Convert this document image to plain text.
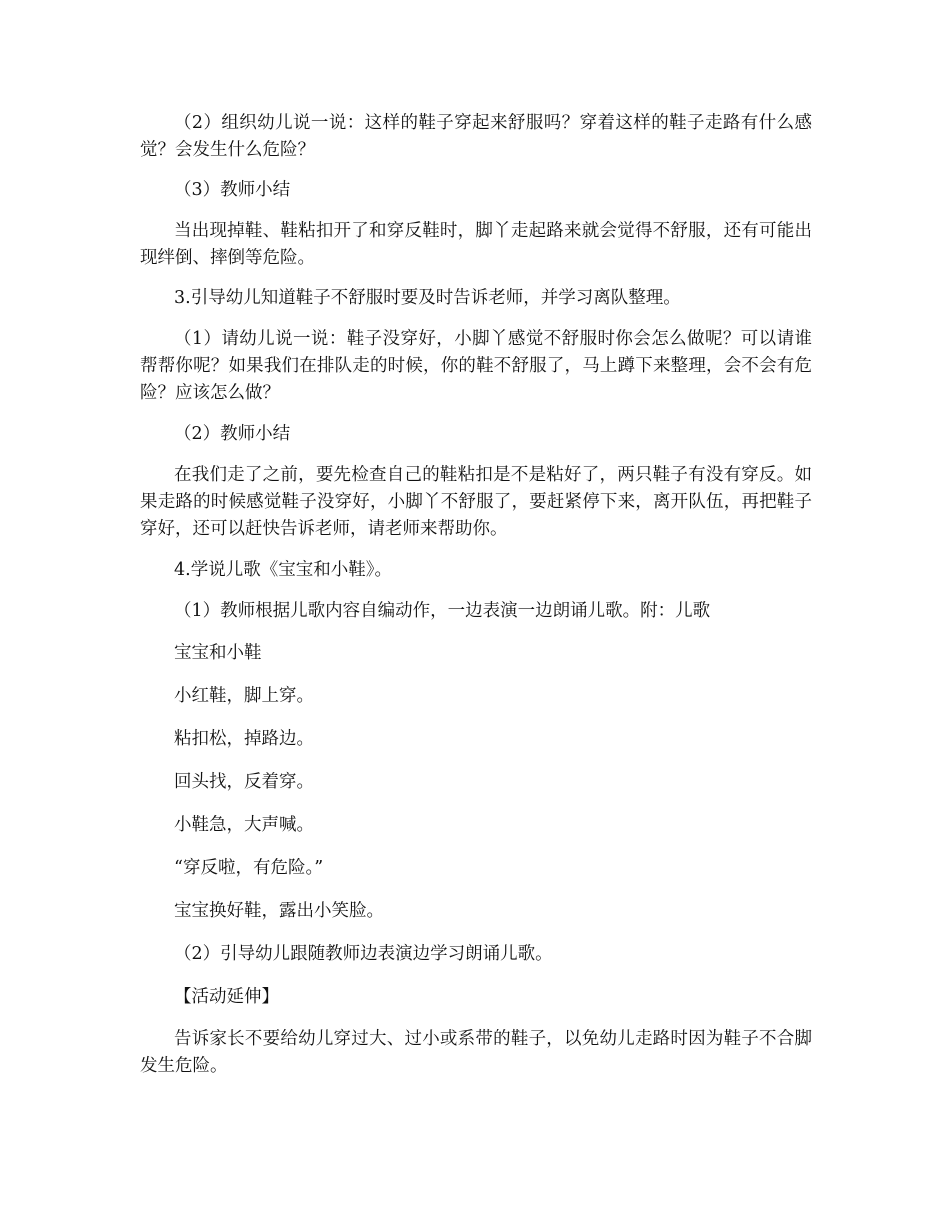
（2）组织幼儿说一说：这样的鞋子穿起来舒服吗？穿着这样的鞋子走路有什么感觉？会发生什么危险？

（3）教师小结

当出现掉鞋、鞋粘扣开了和穿反鞋时，脚丫走起路来就会觉得不舒服，还有可能出现绊倒、摔倒等危险。

3.引导幼儿知道鞋子不舒服时要及时告诉老师，并学习离队整理。

（1）请幼儿说一说：鞋子没穿好，小脚丫感觉不舒服时你会怎么做呢？可以请谁帮帮你呢？如果我们在排队走的时候，你的鞋不舒服了，马上蹲下来整理，会不会有危险？应该怎么做？

（2）教师小结

在我们走了之前，要先检查自己的鞋粘扣是不是粘好了，两只鞋子有没有穿反。如果走路的时候感觉鞋子没穿好，小脚丫不舒服了，要赶紧停下来，离开队伍，再把鞋子穿好，还可以赶快告诉老师，请老师来帮助你。

4.学说儿歌《宝宝和小鞋》。

（1）教师根据儿歌内容自编动作，一边表演一边朗诵儿歌。附：儿歌

宝宝和小鞋

小红鞋，脚上穿。

粘扣松，掉路边。

回头找，反着穿。

小鞋急，大声喊。

“穿反啦，有危险。”

宝宝换好鞋，露出小笑脸。

（2）引导幼儿跟随教师边表演边学习朗诵儿歌。

【活动延伸】

告诉家长不要给幼儿穿过大、过小或系带的鞋子，以免幼儿走路时因为鞋子不合脚发生危险。
